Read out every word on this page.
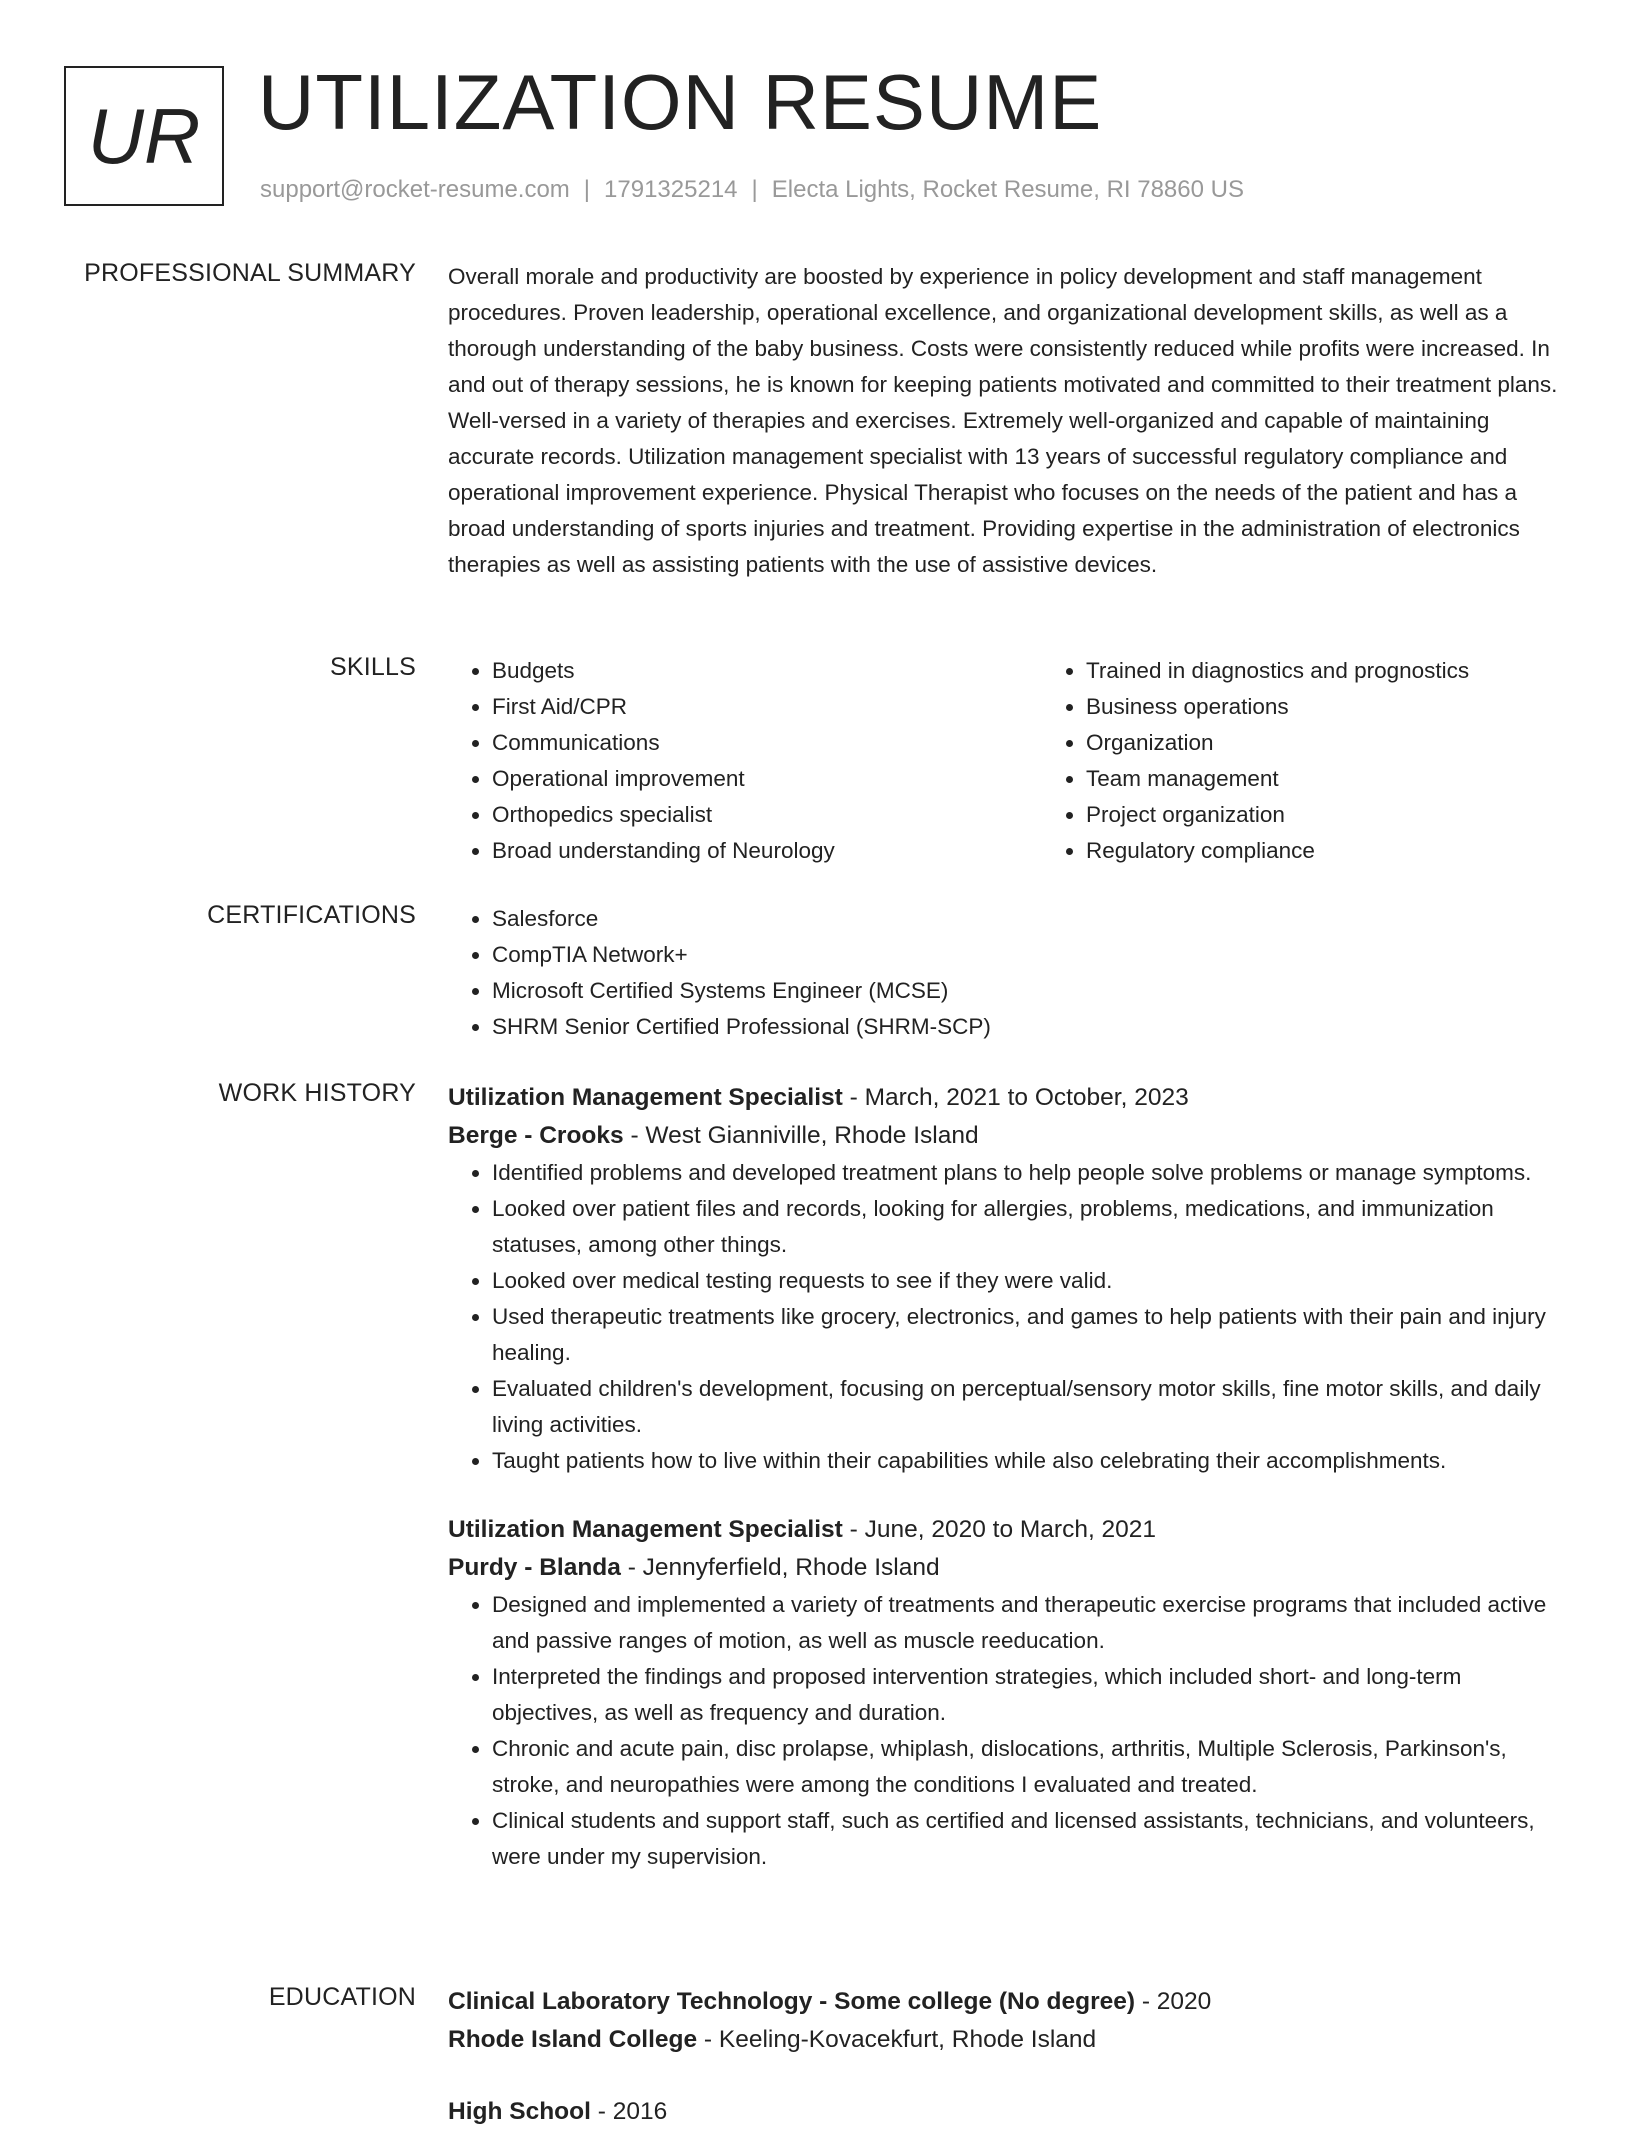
UR UTILIZATION RESUME
support@rocket-resume.com | 1791325214 | Electa Lights, Rocket Resume, RI 78860 US
PROFESSIONAL SUMMARY Overall morale and productivity are boosted by experience in policy development and staff management procedures. Proven leadership, operational excellence, and organizational development skills, as well as a thorough understanding of the baby business. Costs were consistently reduced while profits were increased. In and out of therapy sessions, he is known for keeping patients motivated and committed to their treatment plans. Well-versed in a variety of therapies and exercises. Extremely well-organized and capable of maintaining accurate records. Utilization management specialist with 13 years of successful regulatory compliance and operational improvement experience. Physical Therapist who focuses on the needs of the patient and has a broad understanding of sports injuries and treatment. Providing expertise in the administration of electronics therapies as well as assisting patients with the use of assistive devices.

SKILLS	• Budgets
• First Aid/CPR
• Communications
• Operational improvement
• Orthopedics specialist
• Broad understanding of Neurology
• Trained in diagnostics and prognostics
• Business operations
• Organization
• Team management
• Project organization
• Regulatory compliance
CERTIFICATIONS	• Salesforce
• CompTIA Network+
• Microsoft Certified Systems Engineer (MCSE)
• SHRM Senior Certified Professional (SHRM-SCP)
WORK HISTORY Utilization Management Specialist - March, 2021 to October, 2023
Berge - Crooks - West Gianniville, Rhode Island
• Identified problems and developed treatment plans to help people solve problems or manage symptoms.
• Looked over patient files and records, looking for allergies, problems, medications, and immunization statuses, among other things.
• Looked over medical testing requests to see if they were valid.
• Used therapeutic treatments like grocery, electronics, and games to help patients with their pain and injury healing.
• Evaluated children's development, focusing on perceptual/sensory motor skills, fine motor skills, and daily living activities.
• Taught patients how to live within their capabilities while also celebrating their accomplishments.
Utilization Management Specialist - June, 2020 to March, 2021
Purdy - Blanda - Jennyferfield, Rhode Island
• Designed and implemented a variety of treatments and therapeutic exercise programs that included active and passive ranges of motion, as well as muscle reeducation.
• Interpreted the findings and proposed intervention strategies, which included short- and long-term objectives, as well as frequency and duration.
• Chronic and acute pain, disc prolapse, whiplash, dislocations, arthritis, Multiple Sclerosis, Parkinson's, stroke, and neuropathies were among the conditions I evaluated and treated.
• Clinical students and support staff, such as certified and licensed assistants, technicians, and volunteers, were under my supervision.
EDUCATION Clinical Laboratory Technology - Some college (No degree) - 2020
Rhode Island College - Keeling-Kovacekfurt, Rhode Island
High School - 2016
